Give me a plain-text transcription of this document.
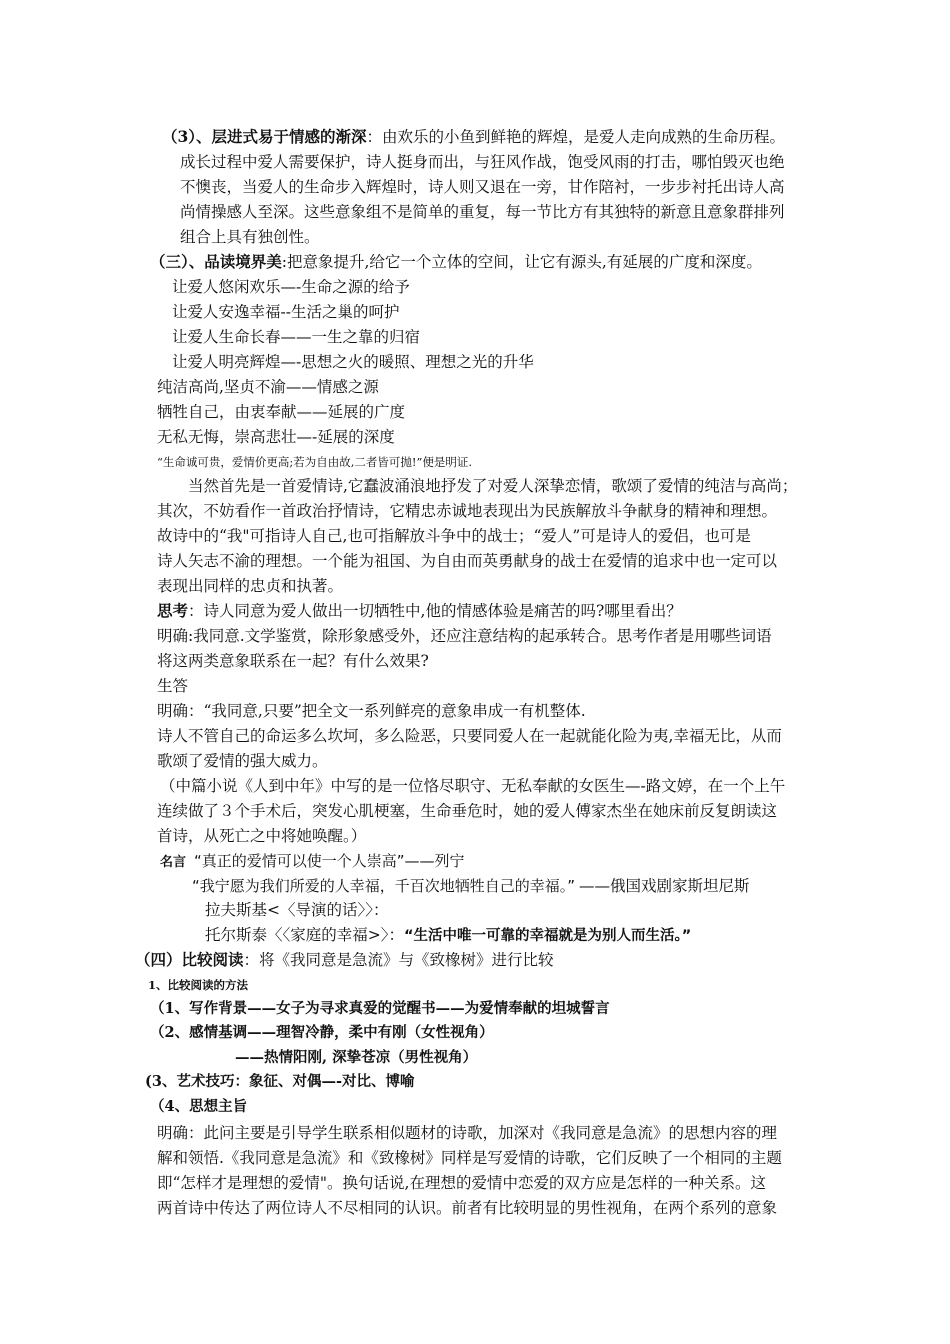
（3）、层进式易于情感的渐深：由欢乐的小鱼到鲜艳的辉煌，是爱人走向成熟的生命历程。
成长过程中爱人需要保护，诗人挺身而出，与狂风作战，饱受风雨的打击，哪怕毁灭也绝
不懊丧，当爱人的生命步入辉煌时，诗人则又退在一旁，甘作陪衬，一步步衬托出诗人高
尚情操感人至深。这些意象组不是简单的重复，每一节比方有其独特的新意且意象群排列
组合上具有独创性。
（三）、品读境界美:把意象提升,给它一个立体的空间，让它有源头,有延展的广度和深度。
让爱人悠闲欢乐—-生命之源的给予
让爱人安逸幸福--生活之巢的呵护
让爱人生命长春——一生之靠的归宿
让爱人明亮辉煌—-思想之火的暖照、理想之光的升华
纯洁高尚,坚贞不渝——情感之源
牺牲自己，由衷奉献——延展的广度
无私无悔，崇高悲壮—-延展的深度
“生命诚可贵，爱情价更高;若为自由故,二者皆可抛!”便是明证.
当然首先是一首爱情诗,它蠢波涌浪地抒发了对爱人深挚恋情，歌颂了爱情的纯洁与高尚；
其次，不妨看作一首政治抒情诗，它精忠赤诚地表现出为民族解放斗争献身的精神和理想。
故诗中的“我"可指诗人自己,也可指解放斗争中的战士；“爱人”可是诗人的爱侣，也可是
诗人矢志不渝的理想。一个能为祖国、为自由而英勇献身的战士在爱情的追求中也一定可以
表现出同样的忠贞和执著。
思考：诗人同意为爱人做出一切牺牲中,他的情感体验是痛苦的吗?哪里看出？
明确:我同意.文学鉴赏，除形象感受外，还应注意结构的起承转合。思考作者是用哪些词语
将这两类意象联系在一起？有什么效果?
生答
明确：“我同意,只要”把全文一系列鲜亮的意象串成一有机整体.
诗人不管自己的命运多么坎坷，多么险恶，只要同爱人在一起就能化险为夷,幸福无比，从而
歌颂了爱情的强大威力。
（中篇小说《人到中年》中写的是一位恪尽职守、无私奉献的女医生—-路文婷，在一个上午
连续做了３个手术后，突发心肌梗塞，生命垂危时，她的爱人傅家杰坐在她床前反复朗读这
首诗，从死亡之中将她唤醒。）
名言 “真正的爱情可以使一个人崇高”——列宁
“我宁愿为我们所爱的人幸福，千百次地牺牲自己的幸福。” ——俄国戏剧家斯坦尼斯
拉夫斯基<〈导演的话〉〉：
托尔斯泰〈〈家庭的幸福>〉：“生活中唯一可靠的幸福就是为别人而生活。”
（四）比较阅读：将《我同意是急流》与《致橡树》进行比较
1、比较阅读的方法
（1、写作背景——女子为寻求真爱的觉醒书——为爱情奉献的坦城誓言
（2、感情基调——理智冷静，柔中有刚（女性视角）
——热情阳刚, 深挚苍凉（男性视角）
(3、艺术技巧：象征、对偶—-对比、博喻
（4、思想主旨
明确：此问主要是引导学生联系相似题材的诗歌，加深对《我同意是急流》的思想内容的理
解和领悟.《我同意是急流》和《致橡树》同样是写爱情的诗歌，它们反映了一个相同的主题
即“怎样才是理想的爱情"。换句话说,在理想的爱情中恋爱的双方应是怎样的一种关系。这
两首诗中传达了两位诗人不尽相同的认识。前者有比较明显的男性视角，在两个系列的意象
